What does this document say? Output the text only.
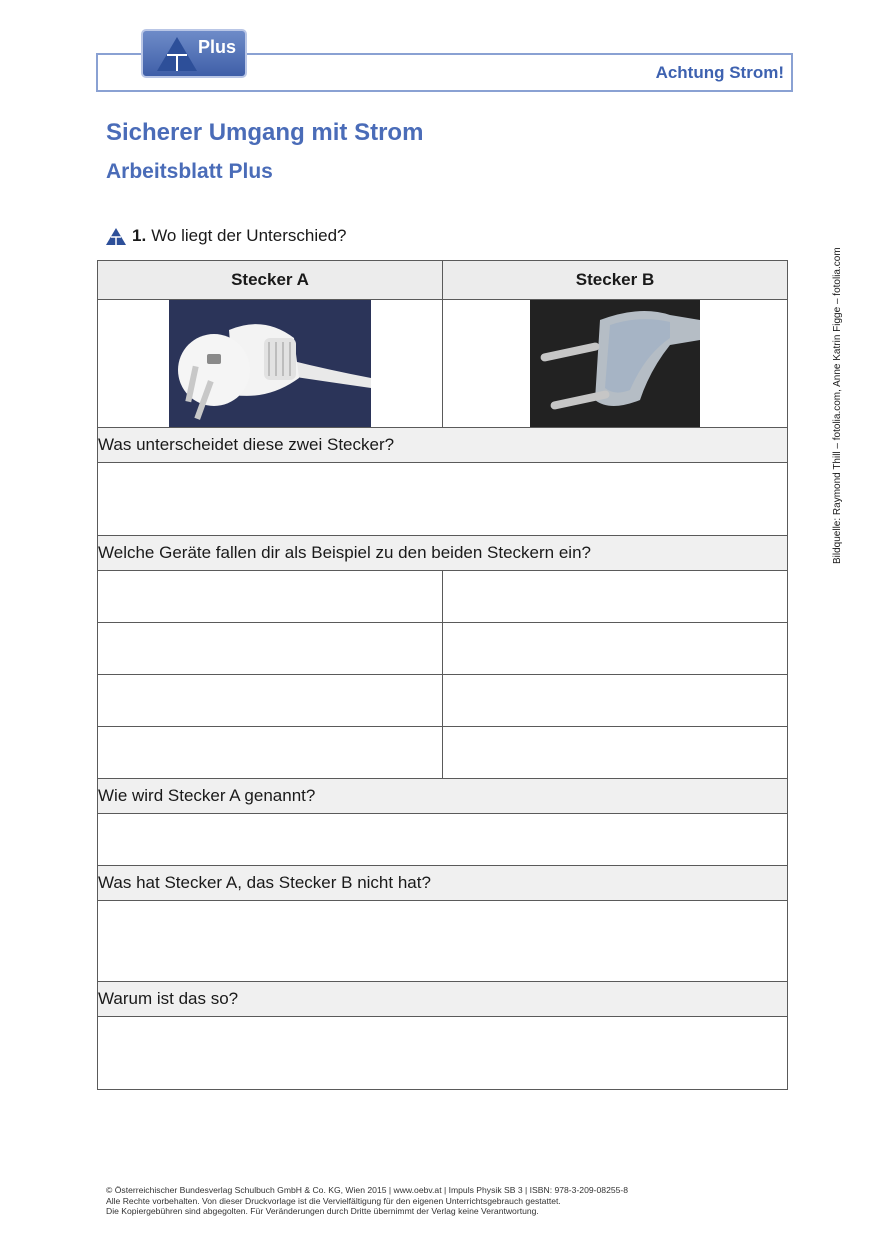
Plus
Achtung Strom!
Sicherer Umgang mit Strom
Arbeitsblatt Plus
1. Wo liegt der Unterschied?
Bildquelle: Raymond Thill – fotolia.com, Anne Katrin Figge – fotolia.com
Stecker A	Stecker B

Was unterscheidet diese zwei Stecker?	

Welche Geräte fallen dir als Beispiel zu den beiden Steckern ein?	

Wie wird Stecker A genannt?	

Was hat Stecker A, das Stecker B nicht hat?	

Warum ist das so?	

© Österreichischer Bundesverlag Schulbuch GmbH & Co. KG, Wien 2015 | www.oebv.at | Impuls Physik SB 3 | ISBN: 978-3-209-08255-8
Alle Rechte vorbehalten. Von dieser Druckvorlage ist die Vervielfältigung für den eigenen Unterrichtsgebrauch gestattet.
Die Kopiergebühren sind abgegolten. Für Veränderungen durch Dritte übernimmt der Verlag keine Verantwortung.
